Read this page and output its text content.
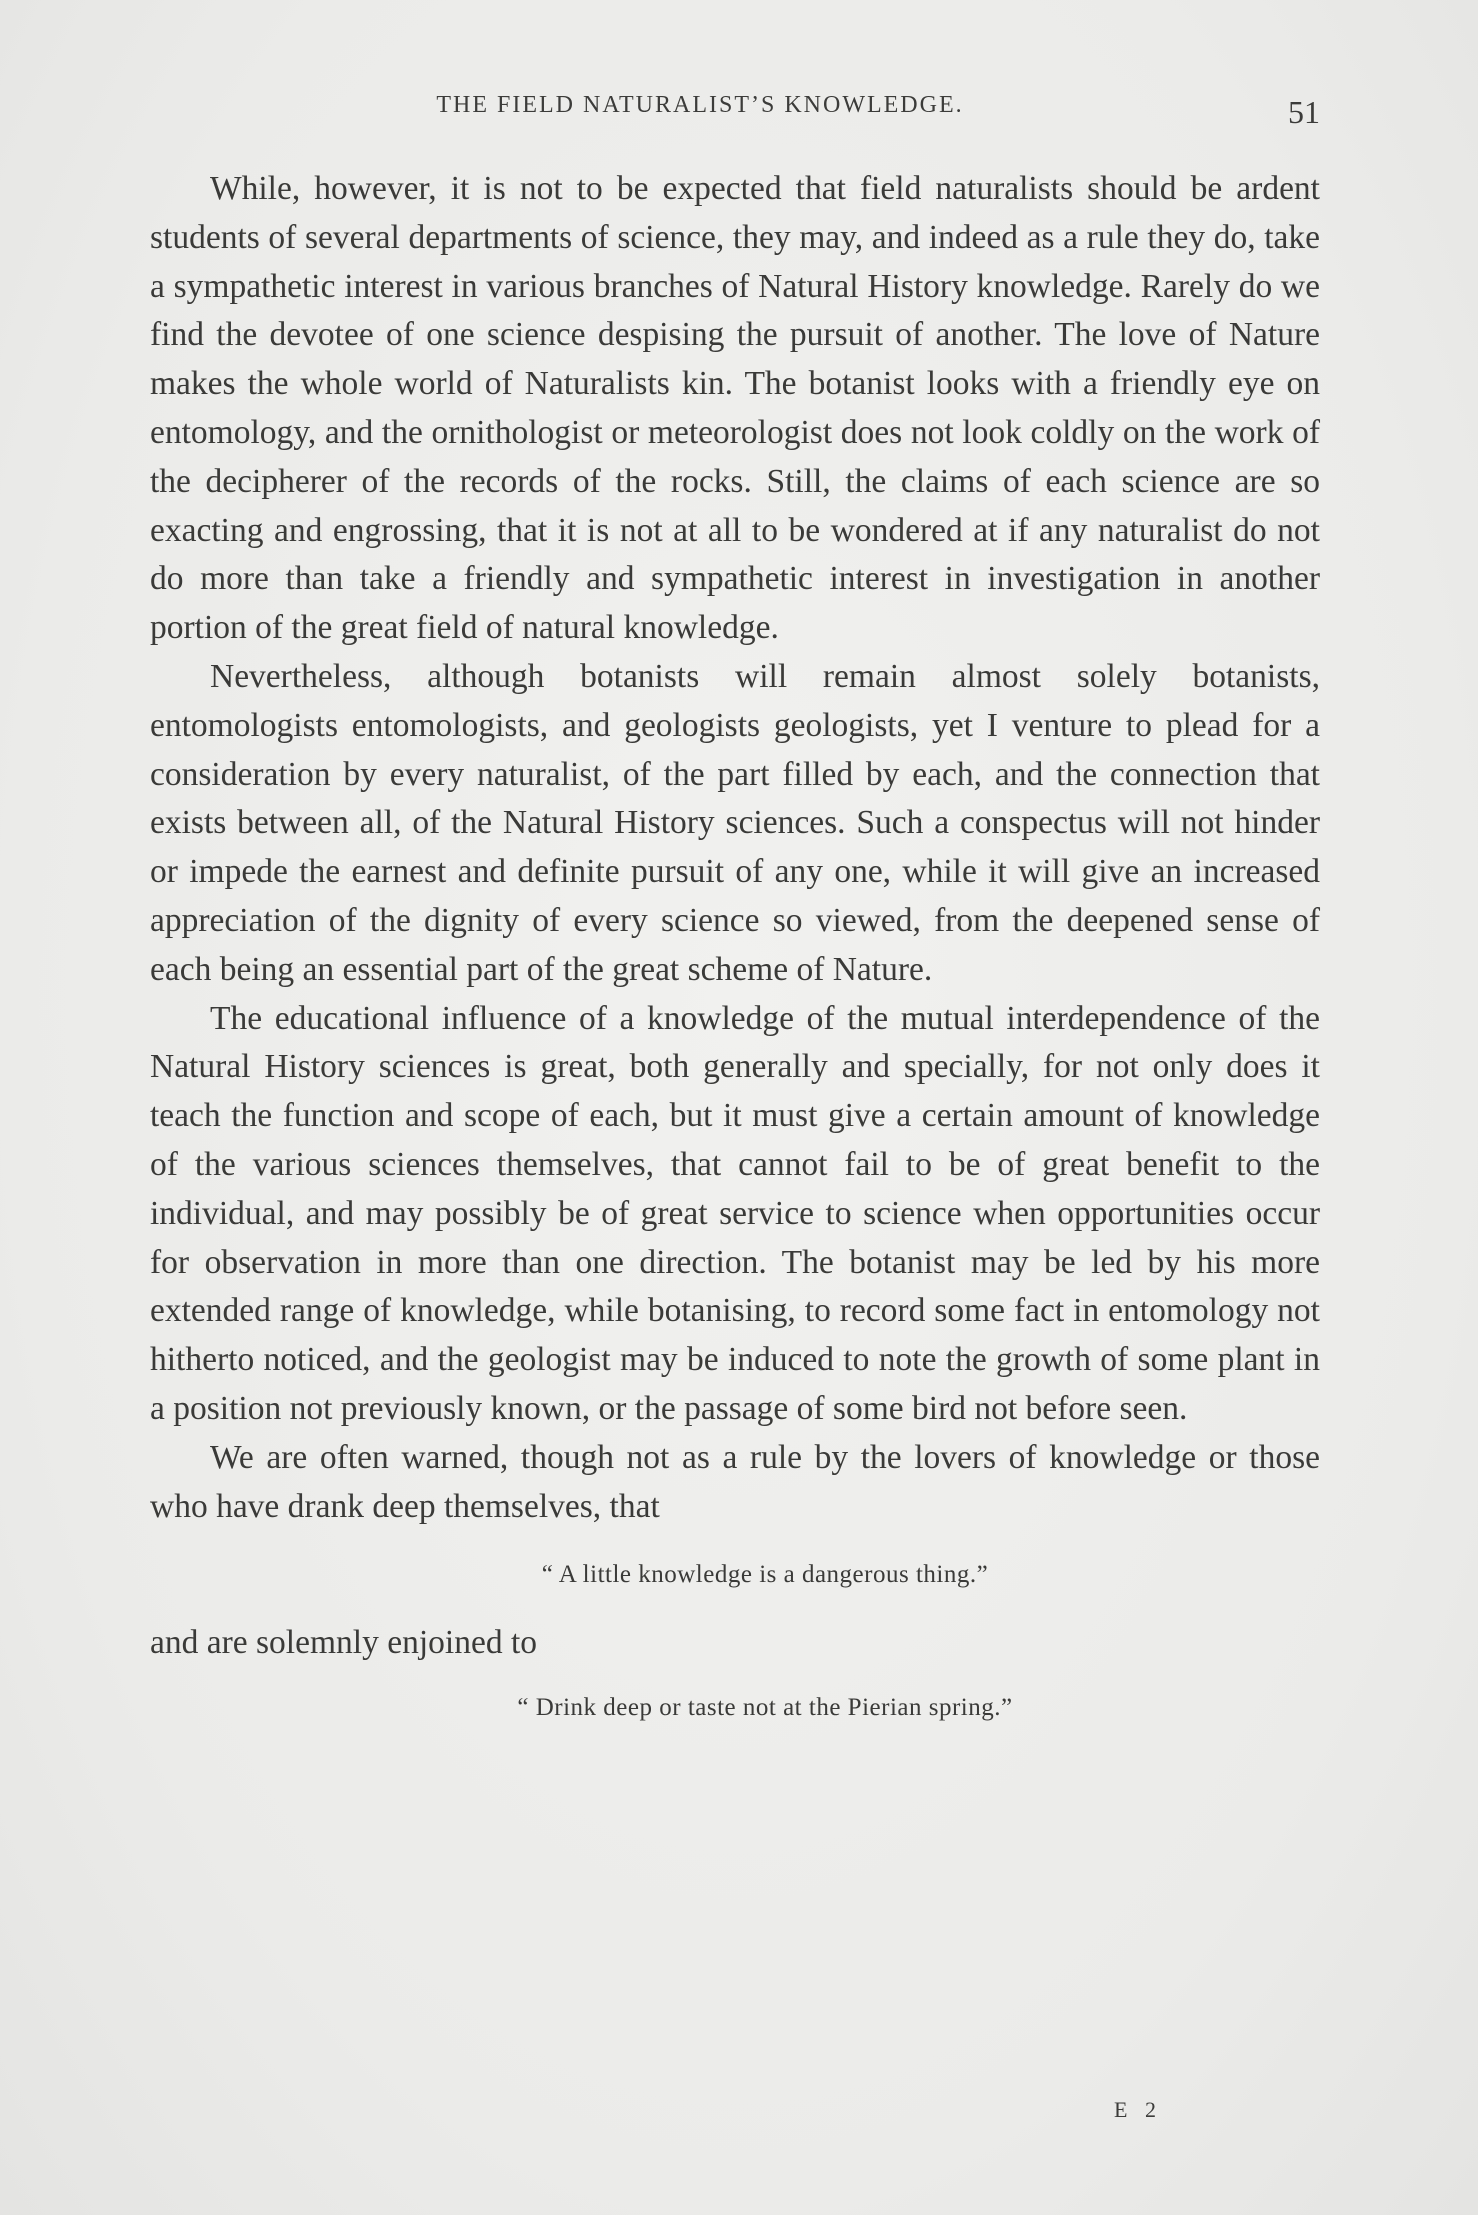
THE FIELD NATURALIST’S KNOWLEDGE.	51

While, however, it is not to be expected that field naturalists should be ardent students of several departments of science, they may, and indeed as a rule they do, take a sympathetic interest in various branches of Natural History knowledge. Rarely do we find the devotee of one science despising the pursuit of another. The love of Nature makes the whole world of Naturalists kin. The botanist looks with a friendly eye on entomology, and the ornithologist or meteorologist does not look coldly on the work of the decipherer of the records of the rocks. Still, the claims of each science are so exacting and engrossing, that it is not at all to be wondered at if any naturalist do not do more than take a friendly and sympathetic interest in investigation in another portion of the great field of natural knowledge.

Nevertheless, although botanists will remain almost solely botanists, entomologists entomologists, and geologists geologists, yet I venture to plead for a consideration by every naturalist, of the part filled by each, and the connection that exists between all, of the Natural History sciences. Such a conspectus will not hinder or impede the earnest and definite pursuit of any one, while it will give an increased appreciation of the dignity of every science so viewed, from the deepened sense of each being an essential part of the great scheme of Nature.

The educational influence of a knowledge of the mutual interdependence of the Natural History sciences is great, both generally and specially, for not only does it teach the function and scope of each, but it must give a certain amount of knowledge of the various sciences themselves, that cannot fail to be of great benefit to the individual, and may possibly be of great service to science when opportunities occur for observation in more than one direction. The botanist may be led by his more extended range of knowledge, while botanising, to record some fact in entomology not hitherto noticed, and the geologist may be induced to note the growth of some plant in a position not previously known, or the passage of some bird not before seen.

We are often warned, though not as a rule by the lovers of knowledge or those who have drank deep themselves, that

“ A little knowledge is a dangerous thing.”

and are solemnly enjoined to

“ Drink deep or taste not at the Pierian spring.”
E 2
